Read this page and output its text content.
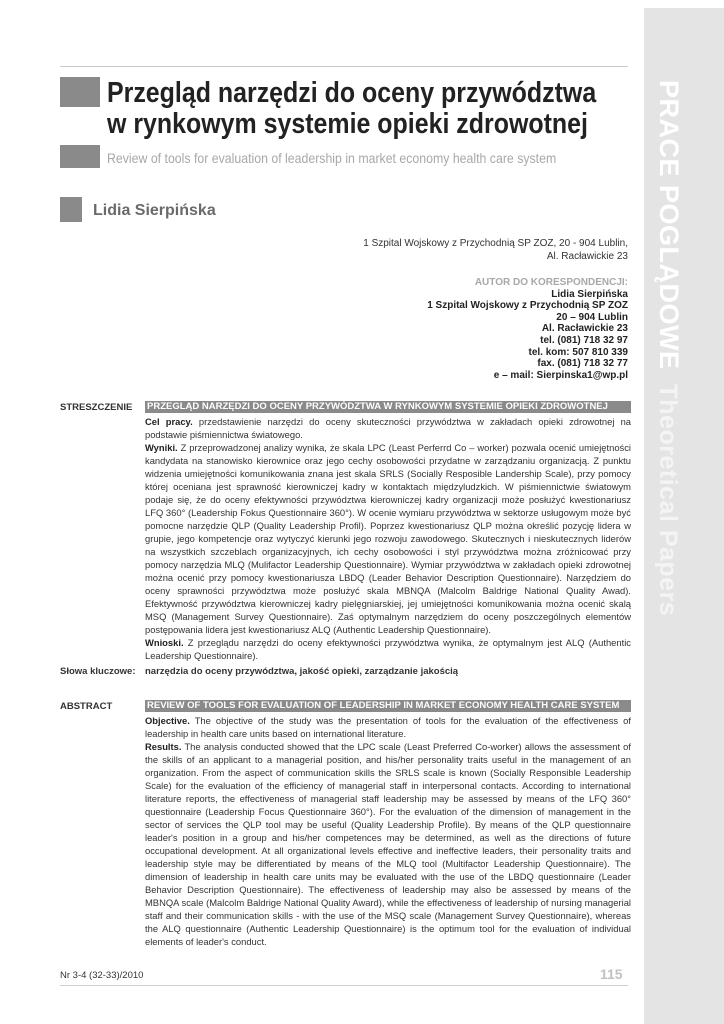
PRACE POGLĄDOWETheoretical Papers
Przegląd narzędzi do oceny przywództwa
w rynkowym systemie opieki zdrowotnej
Review of tools for evaluation of leadership in market economy health care system
Lidia Sierpińska
1 Szpital Wojskowy z Przychodnią SP ZOZ, 20 - 904 Lublin,
Al. Racławickie 23
AUTOR DO KORESPONDENCJI:
Lidia Sierpińska
1 Szpital Wojskowy z Przychodnią SP ZOZ
20 – 904 Lublin
Al. Racławickie 23
tel. (081) 718 32 97
tel. kom: 507 810 339
fax. (081) 718 32 77
e – mail: Sierpinska1@wp.pl
STRESZCZENIE PRZEGLĄD NARZĘDZI DO OCENY PRZYWÓDZTWA W RYNKOWYM SYSTEMIE OPIEKI ZDROWOTNEJ

Cel pracy. przedstawienie narzędzi do oceny skuteczności przywództwa w zakładach opieki zdrowotnej na podstawie piśmiennictwa światowego.

Wyniki. Z przeprowadzonej analizy wynika, że skala LPC (Least Perferrd Co – worker) pozwala ocenić umiejętności kandydata na stanowisko kierownice oraz jego cechy osobowości przydatne w zarządzaniu organizacją. Z punktu widzenia umiejętności komunikowania znana jest skala SRLS (Socially Resposible Landership Scale), przy pomocy której oceniana jest sprawność kierowniczej kadry w kontaktach międzyludzkich. W piśmiennictwie światowym podaje się, że do oceny efektywności przywództwa kierowniczej kadry organizacji może posłużyć kwestionariusz LFQ 360° (Leadership Fokus Questionnaire 360°). W ocenie wymiaru przywództwa w sektorze usługowym może być pomocne narzędzie QLP (Quality Leadership Profil). Poprzez kwestionariusz QLP można określić pozycję lidera w grupie, jego kompetencje oraz wytyczyć kierunki jego rozwoju zawodowego. Skutecznych i nieskutecznych liderów na wszystkich szczeblach organizacyjnych, ich cechy osobowości i styl przywództwa można zróżnicować przy pomocy narzędzia MLQ (Mulifactor Leadership Questionnaire). Wymiar przywództwa w zakładach opieki zdrowotnej można ocenić przy pomocy kwestionariusza LBDQ (Leader Behavior Description Questionnaire). Narzędziem do oceny sprawności przywództwa może posłużyć skala MBNQA (Malcolm Baldrige National Quality Awad). Efektywność przywództwa kierowniczej kadry pielęgniarskiej, jej umiejętności komunikowania można ocenić skalą MSQ (Management Survey Questionnaire). Zaś optymalnym narzędziem do oceny poszczególnych elementów postępowania lidera jest kwestionariusz ALQ (Authentic Leadership Questionnaire).

Wnioski. Z przeglądu narzędzi do oceny efektywności przywództwa wynika, że optymalnym jest ALQ (Authentic Leadership Questionnaire).

Słowa kluczowe: narzędzia do oceny przywództwa, jakość opieki, zarządzanie jakością
ABSTRACT	REVIEW OF TOOLS FOR EVALUATION OF LEADERSHIP IN MARKET ECONOMY HEALTH CARE SYSTEM

Objective. The objective of the study was the presentation of tools for the evaluation of the effectiveness of leadership in health care units based on international literature.

Results. The analysis conducted showed that the LPC scale (Least Preferred Co-worker) allows the assessment of the skills of an applicant to a managerial position, and his/her personality traits useful in the management of an organization. From the aspect of communication skills the SRLS scale is known (Socially Responsible Leadership Scale) for the evaluation of the efficiency of managerial staff in interpersonal contacts. According to international literature reports, the effectiveness of managerial staff leadership may be assessed by means of the LFQ 360° questionnaire (Leadership Focus Questionnaire 360°). For the evaluation of the dimension of management in the sector of services the QLP tool may be useful (Quality Leadership Profile). By means of the QLP questionnaire leader's position in a group and his/her competences may be determined, as well as the directions of future occupational development. At all organizational levels effective and ineffective leaders, their personality traits and leadership style may be differentiated by means of the MLQ tool (Multifactor Leadership Questionnaire). The dimension of leadership in health care units may be evaluated with the use of the LBDQ questionnaire (Leader Behavior Description Questionnaire). The effectiveness of leadership may also be assessed by means of the MBNQA scale (Malcolm Baldrige National Quality Award), while the effectiveness of leadership of nursing managerial staff and their communication skills - with the use of the MSQ scale (Management Survey Questionnaire), whereas the ALQ questionnaire (Authentic Leadership Questionnaire) is the optimum tool for the evaluation of individual elements of leader's conduct.

Nr 3-4 (32-33)/2010	115
